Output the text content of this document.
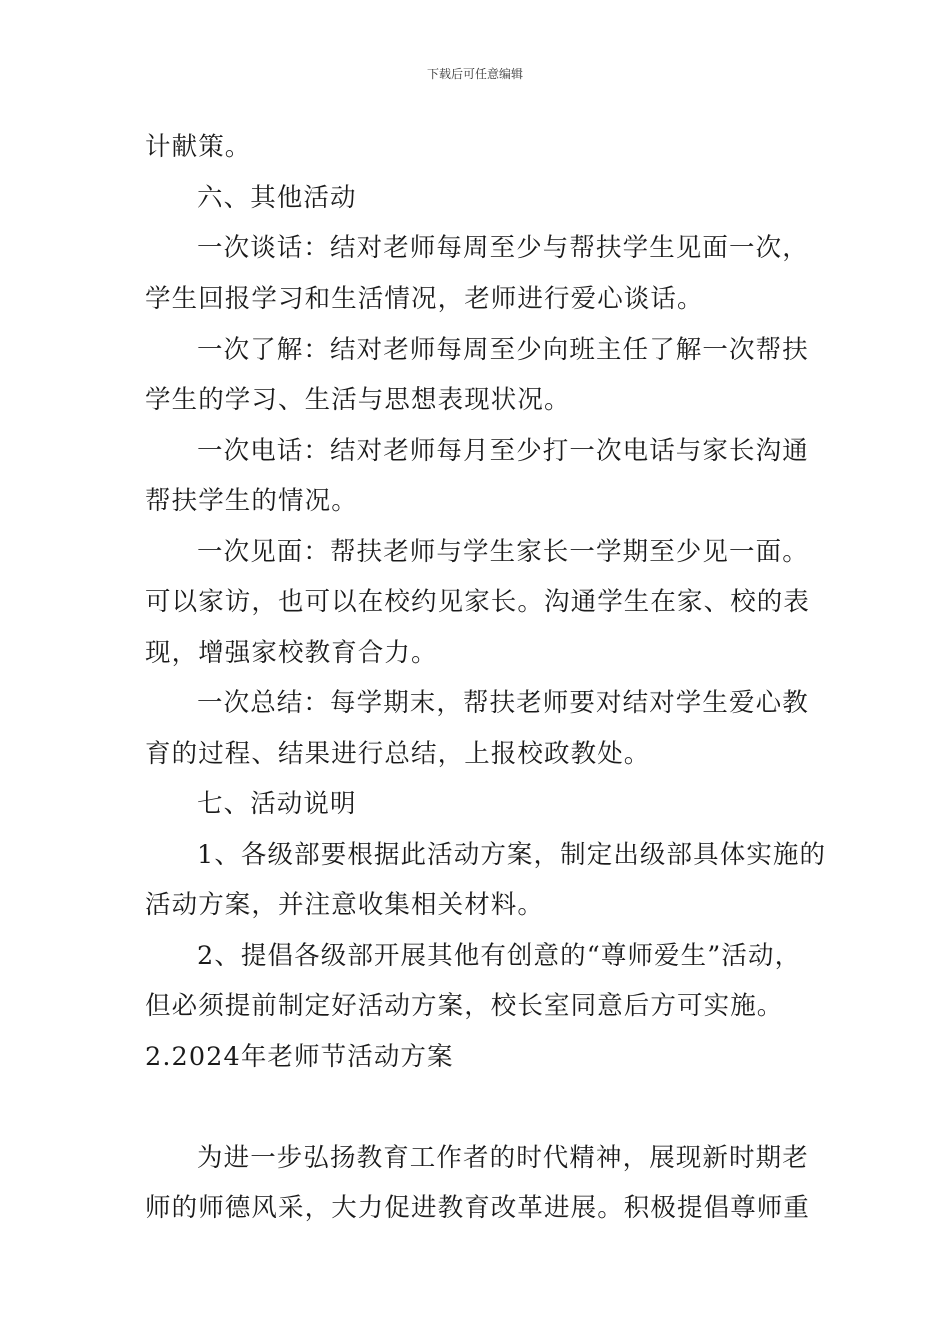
下载后可任意编辑
计献策。
六、其他活动
一次谈话：结对老师每周至少与帮扶学生见面一次，
学生回报学习和生活情况，老师进行爱心谈话。
一次了解：结对老师每周至少向班主任了解一次帮扶
学生的学习、生活与思想表现状况。
一次电话：结对老师每月至少打一次电话与家长沟通
帮扶学生的情况。
一次见面：帮扶老师与学生家长一学期至少见一面。
可以家访，也可以在校约见家长。沟通学生在家、校的表
现，增强家校教育合力。
一次总结：每学期末，帮扶老师要对结对学生爱心教
育的过程、结果进行总结，上报校政教处。
七、活动说明
1、各级部要根据此活动方案，制定出级部具体实施的
活动方案，并注意收集相关材料。
2、提倡各级部开展其他有创意的“尊师爱生”活动，
但必须提前制定好活动方案，校长室同意后方可实施。
2.2024年老师节活动方案
为进一步弘扬教育工作者的时代精神，展现新时期老
师的师德风采，大力促进教育改革进展。积极提倡尊师重
